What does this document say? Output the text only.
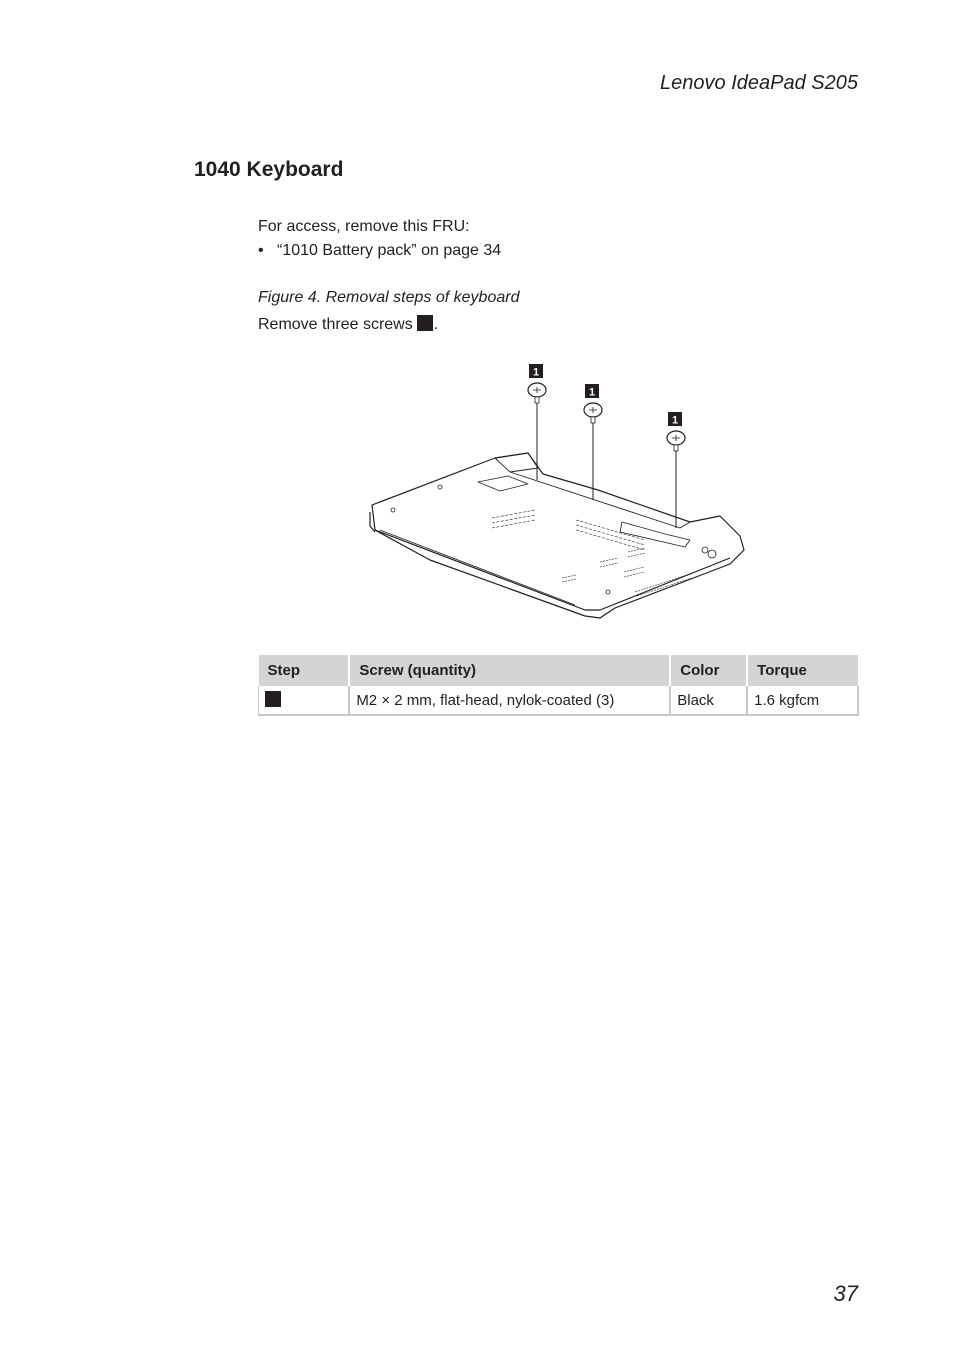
Lenovo IdeaPad S205
1040 Keyboard
For access, remove this FRU:
• “1010 Battery pack” on page 34
Figure 4. Removal steps of keyboard
Remove three screws .
1
1
1
Step	Screw (quantity)	Color	Torque
	M2 × 2 mm, flat-head, nylok-coated (3)	Black	1.6 kgfcm
37
